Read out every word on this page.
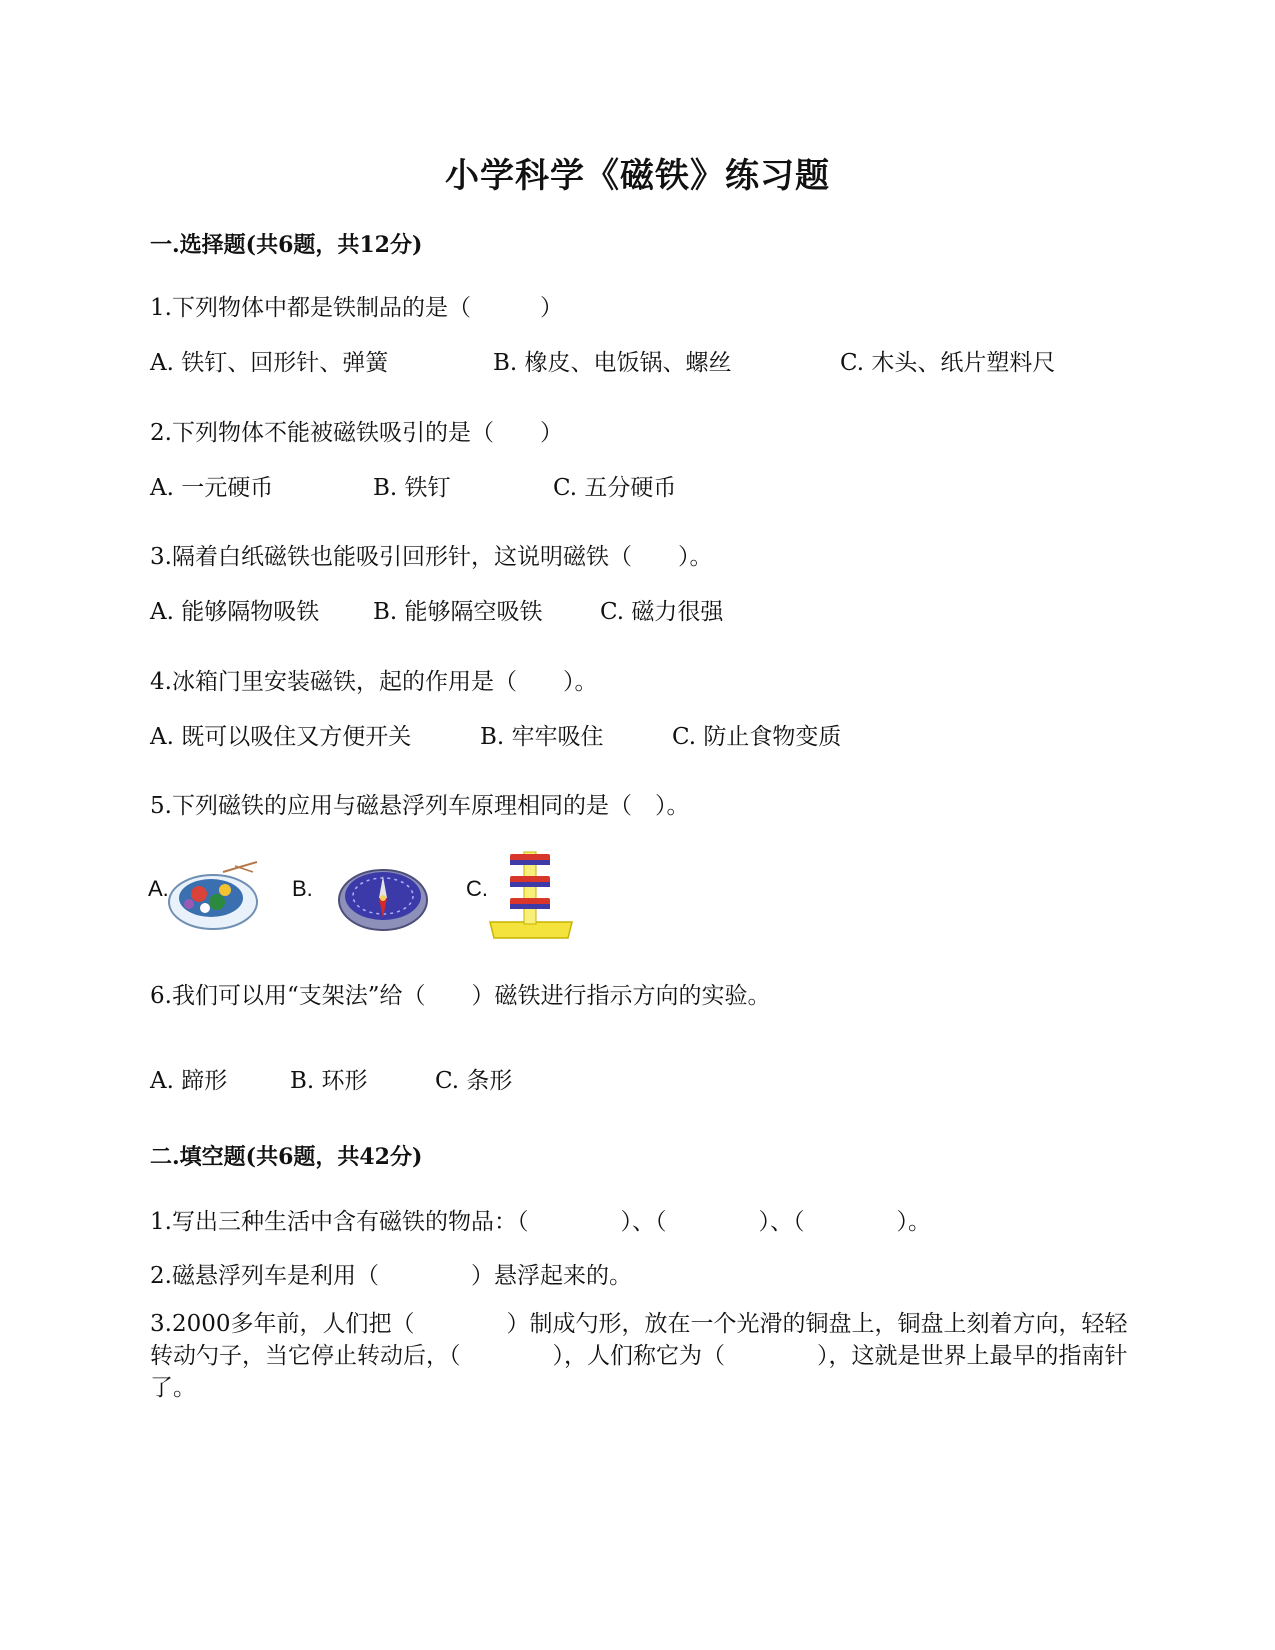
小学科学《磁铁》练习题
一.选择题(共6题，共12分)
1.下列物体中都是铁制品的是（　　　）
A. 铁钉、回形针、弹簧	B. 橡皮、电饭锅、螺丝	C. 木头、纸片塑料尺
2.下列物体不能被磁铁吸引的是（　　）
A. 一元硬币	B. 铁钉	C. 五分硬币
3.隔着白纸磁铁也能吸引回形针，这说明磁铁（　　）。
A. 能够隔物吸铁 B. 能够隔空吸铁 C. 磁力很强
4.冰箱门里安装磁铁，起的作用是（　　）。
A. 既可以吸住又方便开关	B. 牢牢吸住	C. 防止食物变质
5.下列磁铁的应用与磁悬浮列车原理相同的是（　）。
A.	B.	C.
6.我们可以用“支架法”给（　　）磁铁进行指示方向的实验。
A. 蹄形	B. 环形	C. 条形
二.填空题(共6题，共42分)
1.写出三种生活中含有磁铁的物品：（　　　　）、（　　　　）、（　　　　）。
2.磁悬浮列车是利用（　　　　）悬浮起来的。
3.2000多年前，人们把（　　　　）制成勺形，放在一个光滑的铜盘上，铜盘上刻着方向，轻轻转动勺子，当它停止转动后，（　　　　），人们称它为（　　　　），这就是世界上最早的指南针了。
